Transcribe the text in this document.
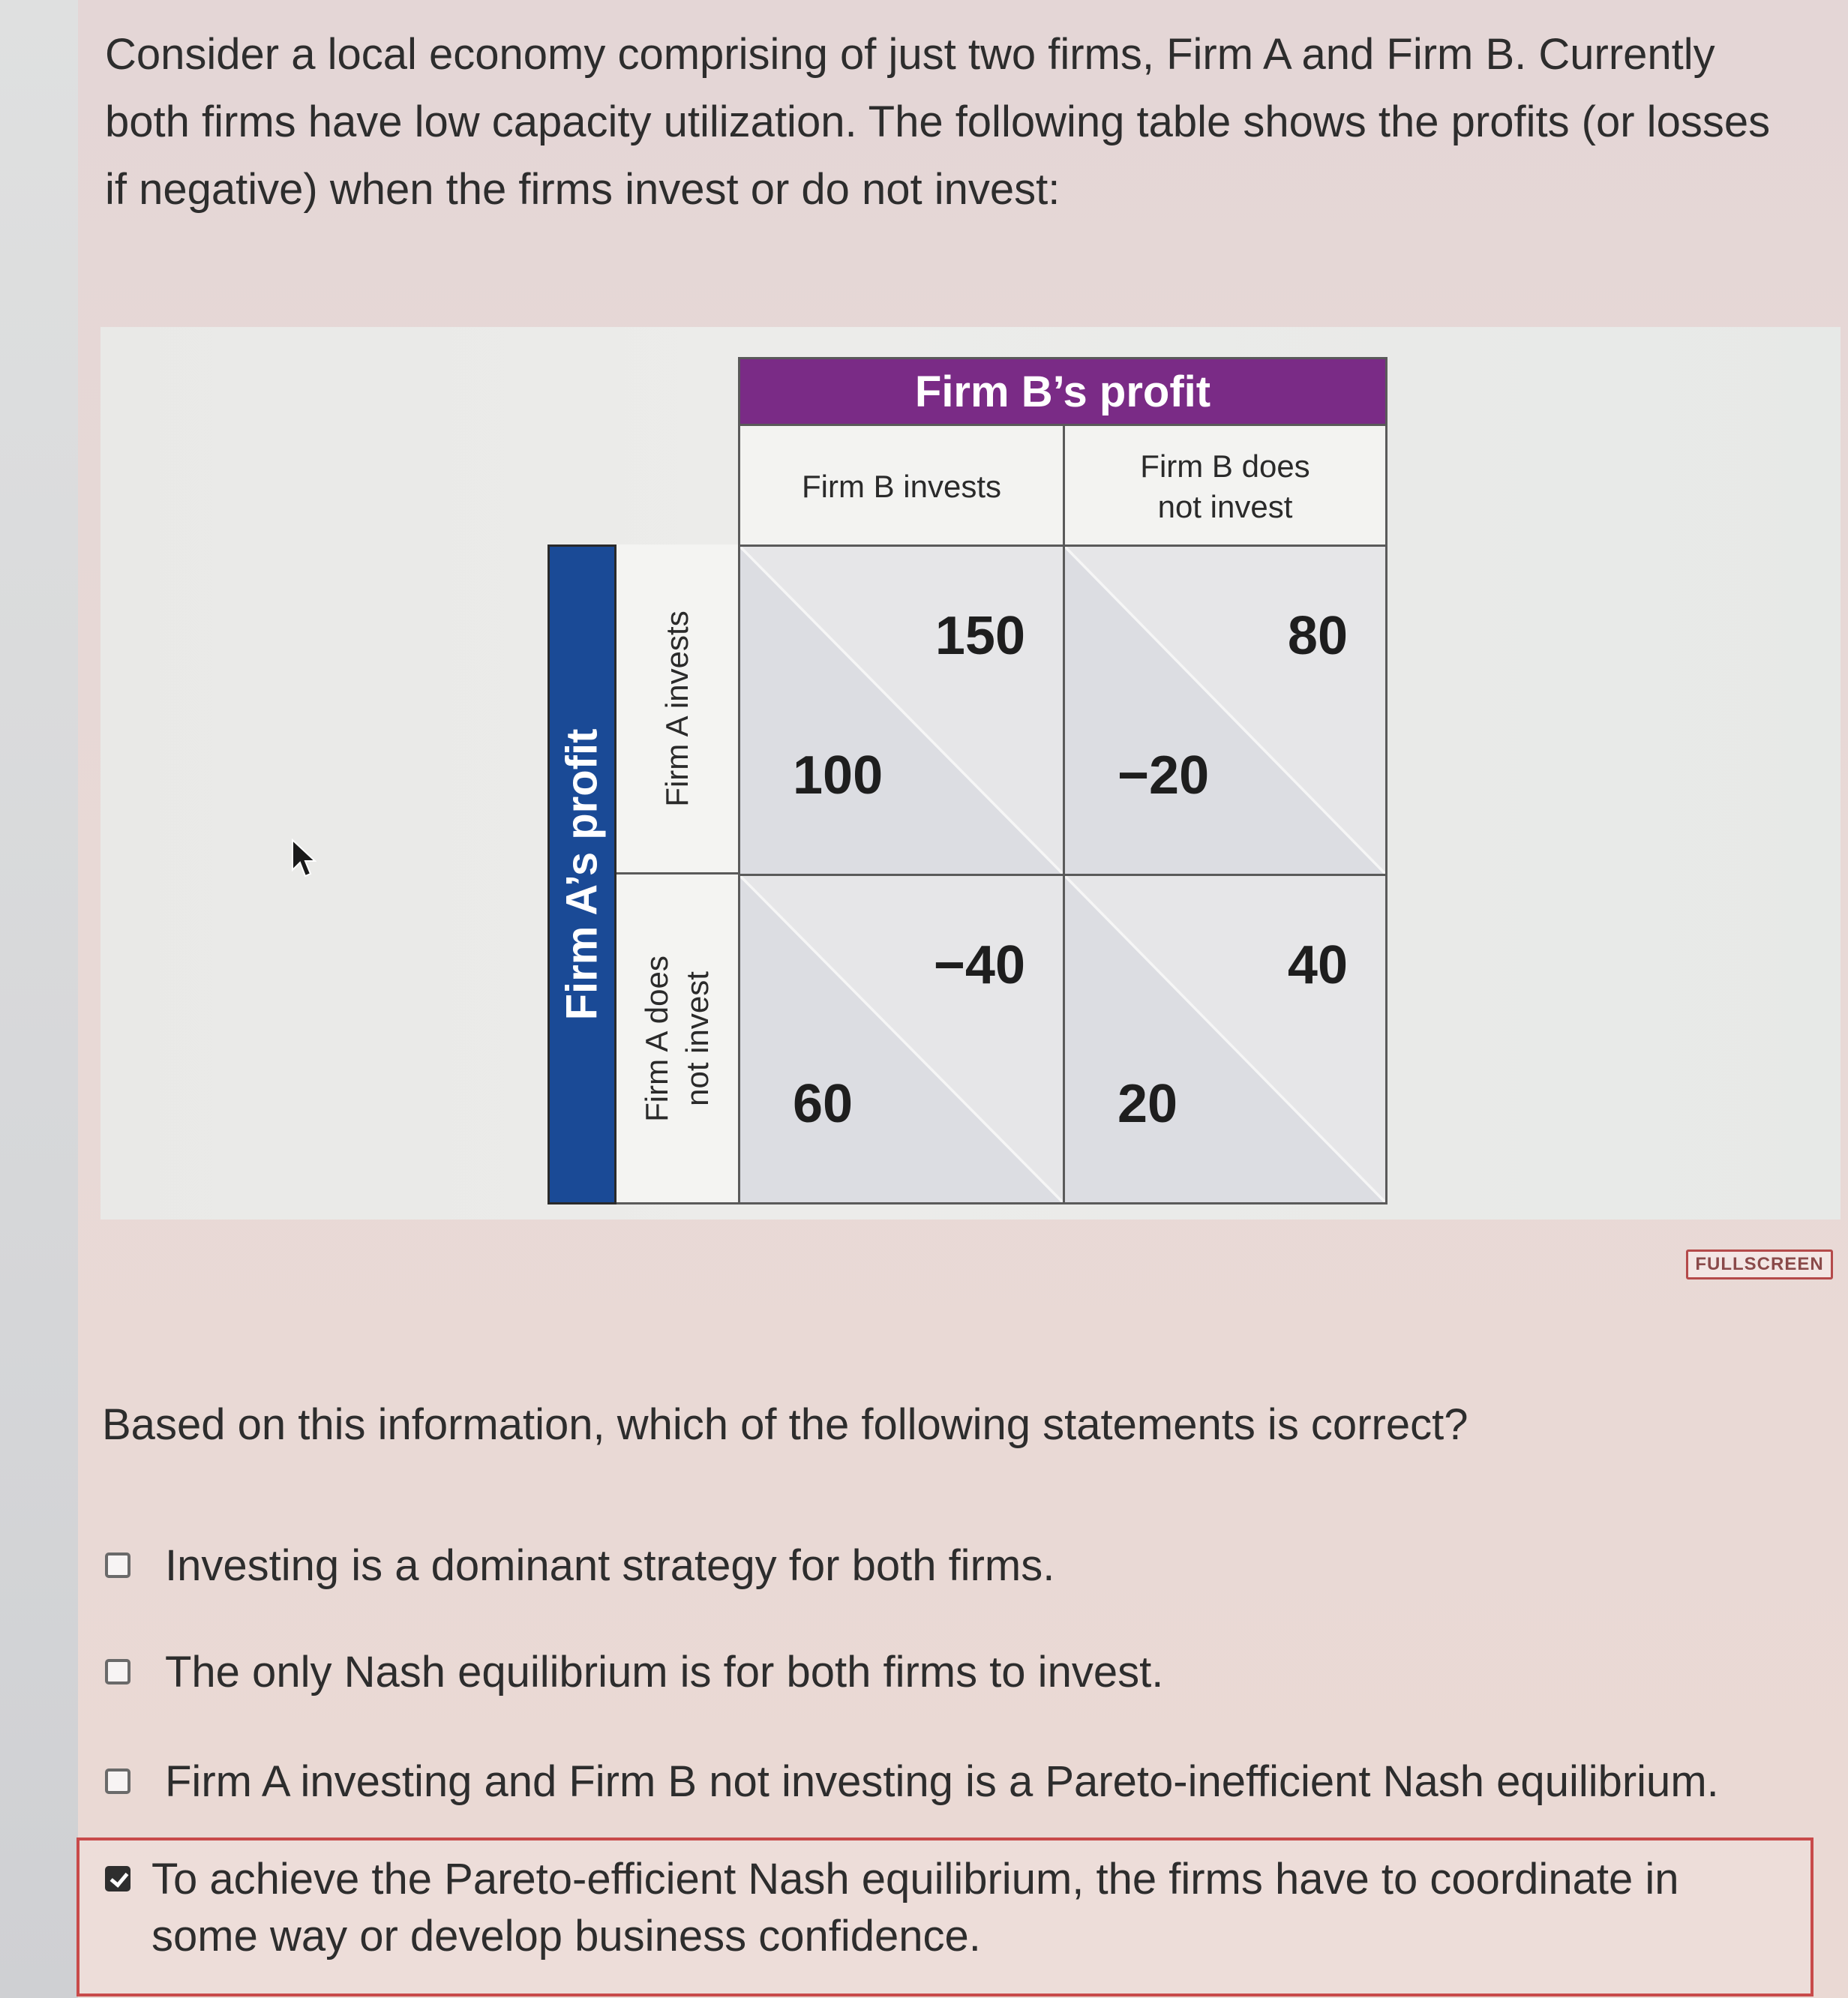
Consider a local economy comprising of just two firms, Firm A and Firm B. Currently both firms have low capacity utilization. The following table shows the profits (or losses if negative) when the firms invest or do not invest:
Firm B’s profit
Firm B invests
Firm B does
not invest
Firm A’s profit
Firm A invests
Firm A does
not invest
150
100
80
−20
−40
60
40
20
FULLSCREEN
Based on this information, which of the following statements is correct?
Investing is a dominant strategy for both firms.
The only Nash equilibrium is for both firms to invest.
Firm A investing and Firm B not investing is a Pareto-inefficient Nash equilibrium.
To achieve the Pareto-efficient Nash equilibrium, the firms have to coordinate in some way or develop business confidence.
